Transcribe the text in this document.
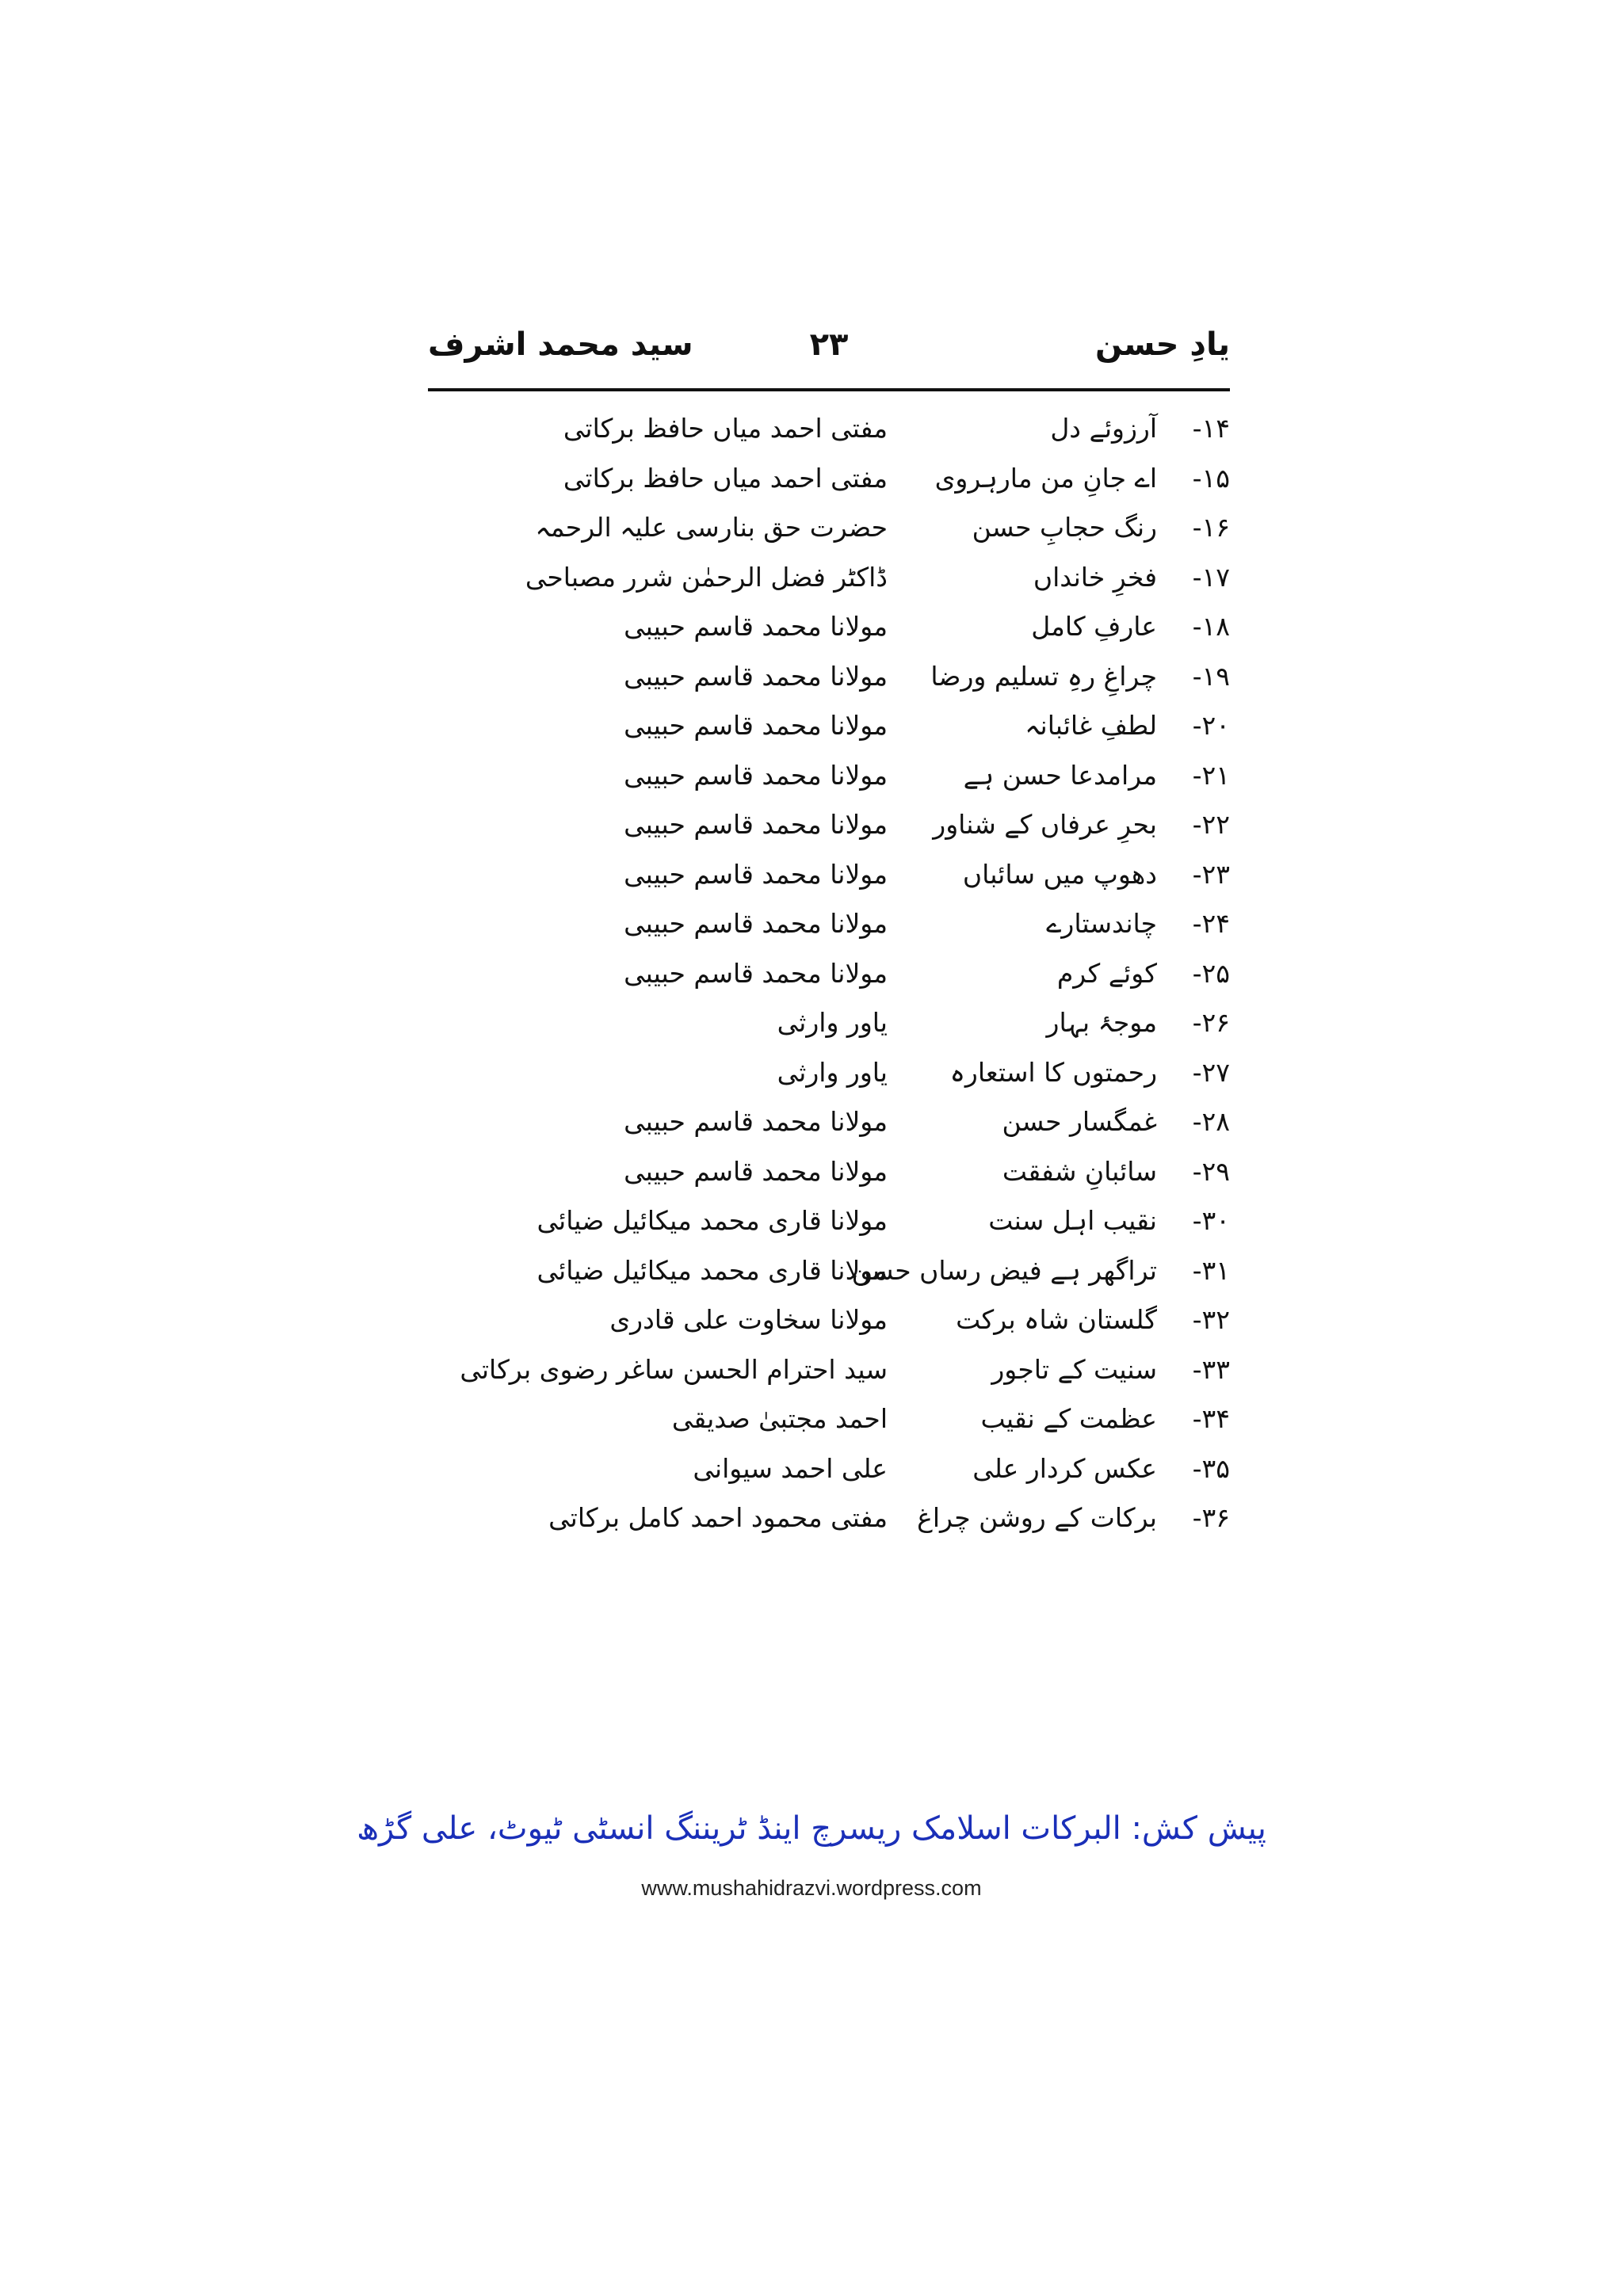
یادِ حسن
۲۳
سید محمد اشرف
۱۴-
آرزوئے دل
مفتی احمد میاں حافظ برکاتی
۱۵-
اے جانِ من مارہروی
مفتی احمد میاں حافظ برکاتی
۱۶-
رنگ حجابِ حسن
حضرت حق بنارسی علیہ الرحمہ
۱۷-
فخرِ خانداں
ڈاکٹر فضل الرحمٰن شرر مصباحی
۱۸-
عارفِ کامل
مولانا محمد قاسم حبیبی
۱۹-
چراغِ رہِ تسلیم ورضا
مولانا محمد قاسم حبیبی
۲۰-
لطفِ غائبانہ
مولانا محمد قاسم حبیبی
۲۱-
مرامدعا حسن ہے
مولانا محمد قاسم حبیبی
۲۲-
بحرِ عرفاں کے شناور
مولانا محمد قاسم حبیبی
۲۳-
دھوپ میں سائباں
مولانا محمد قاسم حبیبی
۲۴-
چاندستارے
مولانا محمد قاسم حبیبی
۲۵-
کوئے کرم
مولانا محمد قاسم حبیبی
۲۶-
موجۂ بہار
یاور وارثی
۲۷-
رحمتوں کا استعارہ
یاور وارثی
۲۸-
غمگسار حسن
مولانا محمد قاسم حبیبی
۲۹-
سائبانِ شفقت
مولانا محمد قاسم حبیبی
۳۰-
نقیب اہل سنت
مولانا قاری محمد میکائیل ضیائی
۳۱-
تراگھر ہے فیض رساں حسن
مولانا قاری محمد میکائیل ضیائی
۳۲-
گلستان شاہ برکت
مولانا سخاوت علی قادری
۳۳-
سنیت کے تاجور
سید احترام الحسن ساغر رضوی برکاتی
۳۴-
عظمت کے نقیب
احمد مجتبیٰ صدیقی
۳۵-
عکس کردار علی
علی احمد سیوانی
۳۶-
برکات کے روشن چراغ
مفتی محمود احمد کامل برکاتی
پیش کش: البرکات اسلامک ریسرچ اینڈ ٹریننگ انسٹی ٹیوٹ، علی گڑھ
www.mushahidrazvi.wordpress.com
